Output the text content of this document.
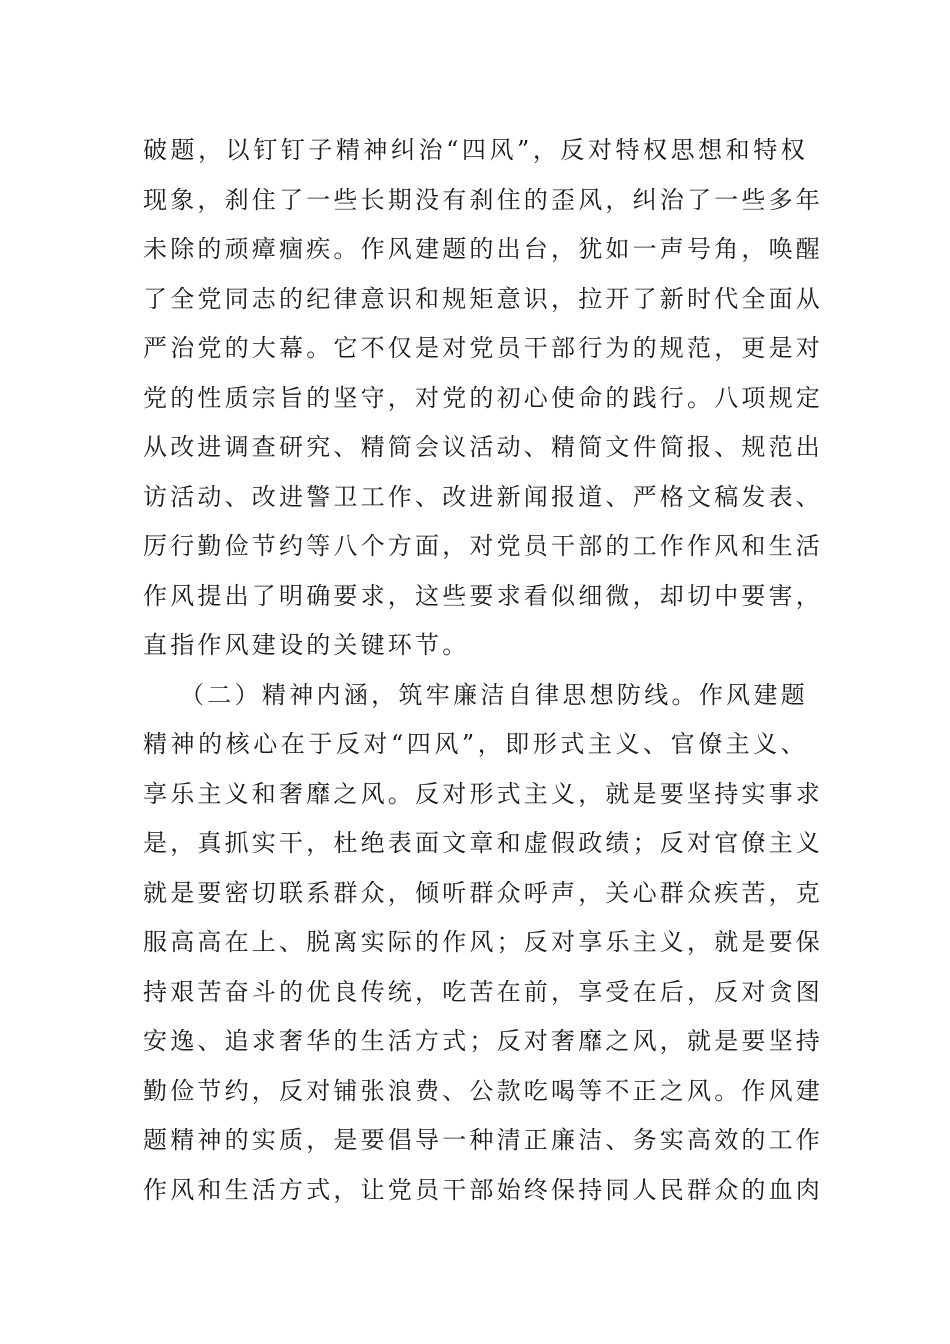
破题，以钉钉子精神纠治“四风”，反对特权思想和特权
现象，刹住了一些长期没有刹住的歪风，纠治了一些多年
未除的顽瘴痼疾。作风建题的出台，犹如一声号角，唤醒
了全党同志的纪律意识和规矩意识，拉开了新时代全面从
严治党的大幕。它不仅是对党员干部行为的规范，更是对
党的性质宗旨的坚守，对党的初心使命的践行。八项规定
从改进调查研究、精简会议活动、精简文件简报、规范出
访活动、改进警卫工作、改进新闻报道、严格文稿发表、
厉行勤俭节约等八个方面，对党员干部的工作作风和生活
作风提出了明确要求，这些要求看似细微，却切中要害，
直指作风建设的关键环节。
（二）精神内涵，筑牢廉洁自律思想防线。作风建题
精神的核心在于反对“四风”，即形式主义、官僚主义、
享乐主义和奢靡之风。反对形式主义，就是要坚持实事求
是，真抓实干，杜绝表面文章和虚假政绩；反对官僚主义
就是要密切联系群众，倾听群众呼声，关心群众疾苦，克
服高高在上、脱离实际的作风；反对享乐主义，就是要保
持艰苦奋斗的优良传统，吃苦在前，享受在后，反对贪图
安逸、追求奢华的生活方式；反对奢靡之风，就是要坚持
勤俭节约，反对铺张浪费、公款吃喝等不正之风。作风建
题精神的实质，是要倡导一种清正廉洁、务实高效的工作
作风和生活方式，让党员干部始终保持同人民群众的血肉
